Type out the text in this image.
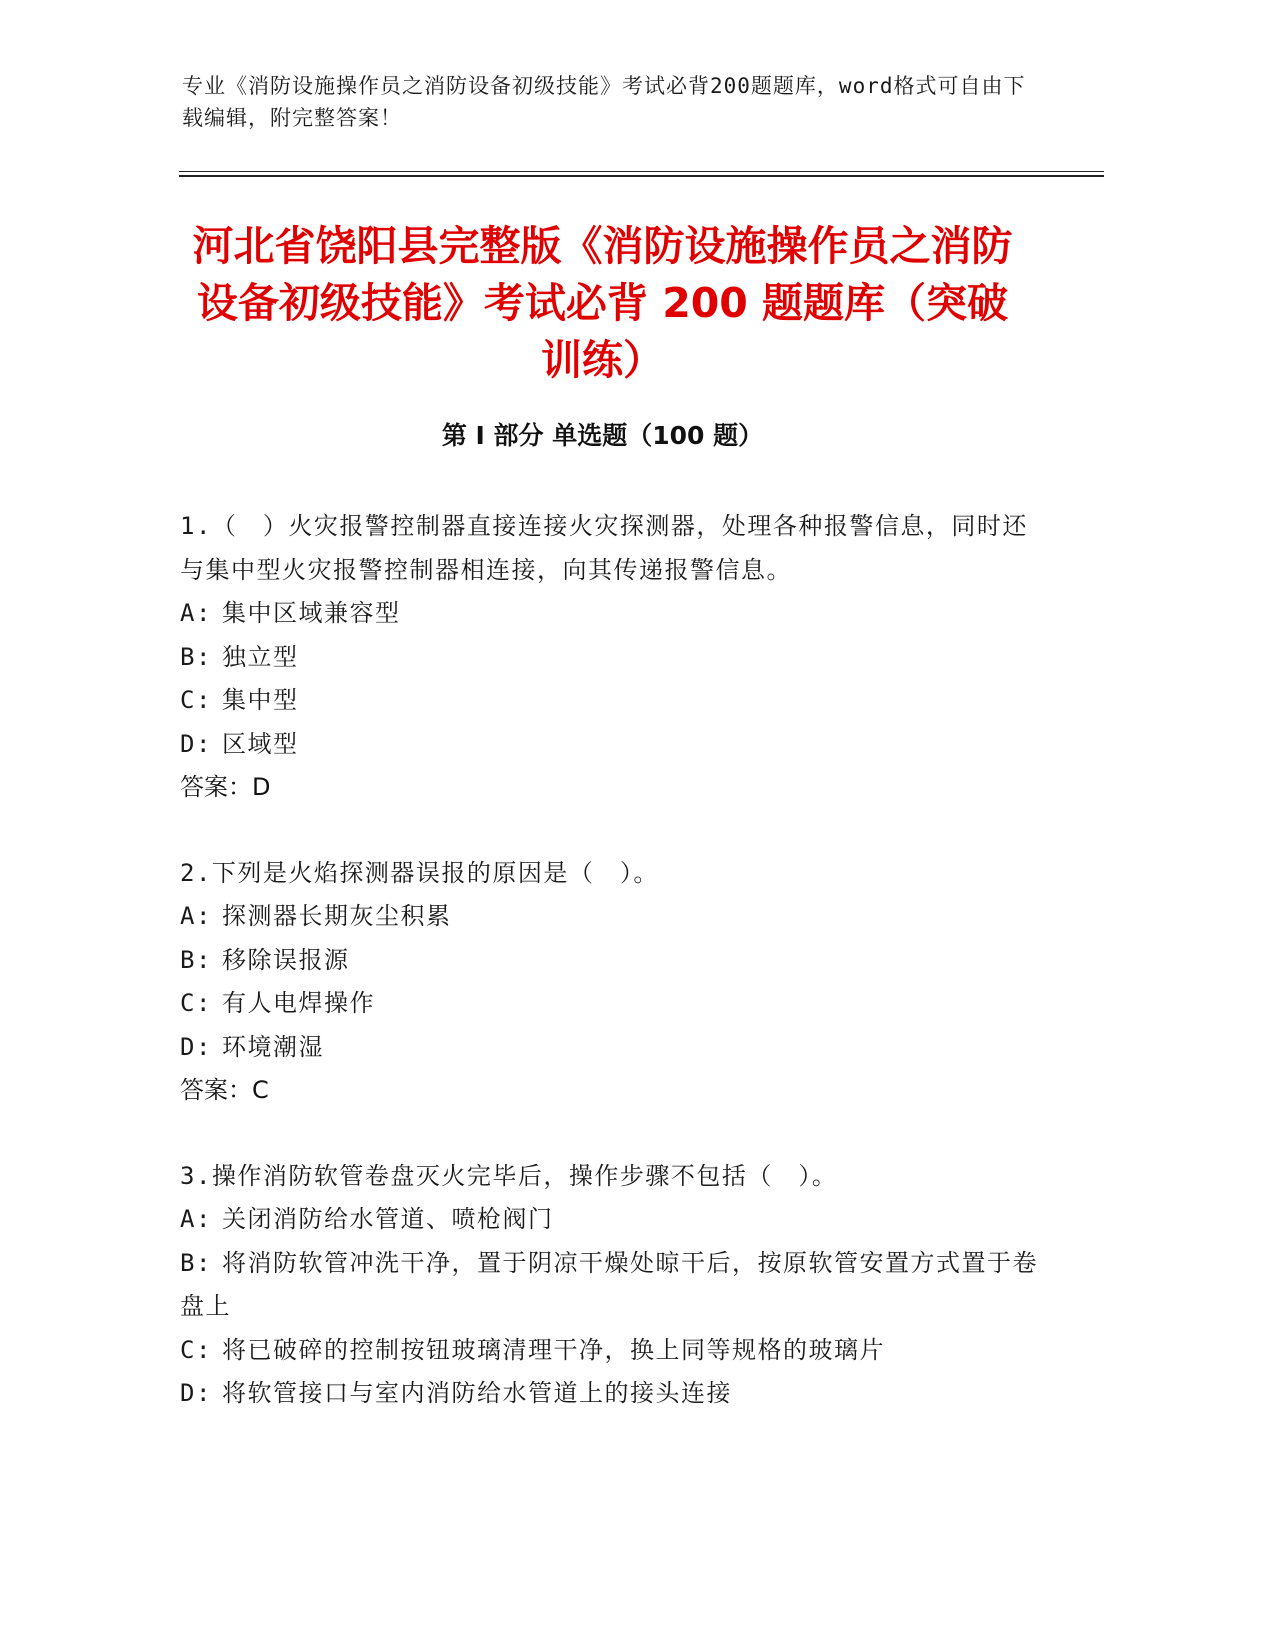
专业《消防设施操作员之消防设备初级技能》考试必背200题题库，word格式可自由下载编辑，附完整答案！
河北省饶阳县完整版《消防设施操作员之消防设备初级技能》考试必背 200 题题库（突破训练）
第 I 部分 单选题（100 题）
1.（　）火灾报警控制器直接连接火灾探测器，处理各种报警信息，同时还与集中型火灾报警控制器相连接，向其传递报警信息。
A: 集中区域兼容型
B: 独立型
C: 集中型
D: 区域型
答案：D
2.下列是火焰探测器误报的原因是（　）。
A: 探测器长期灰尘积累
B: 移除误报源
C: 有人电焊操作
D: 环境潮湿
答案：C
3.操作消防软管卷盘灭火完毕后，操作步骤不包括（　）。
A: 关闭消防给水管道、喷枪阀门
B: 将消防软管冲洗干净，置于阴凉干燥处晾干后，按原软管安置方式置于卷盘上
C: 将已破碎的控制按钮玻璃清理干净，换上同等规格的玻璃片
D: 将软管接口与室内消防给水管道上的接头连接
